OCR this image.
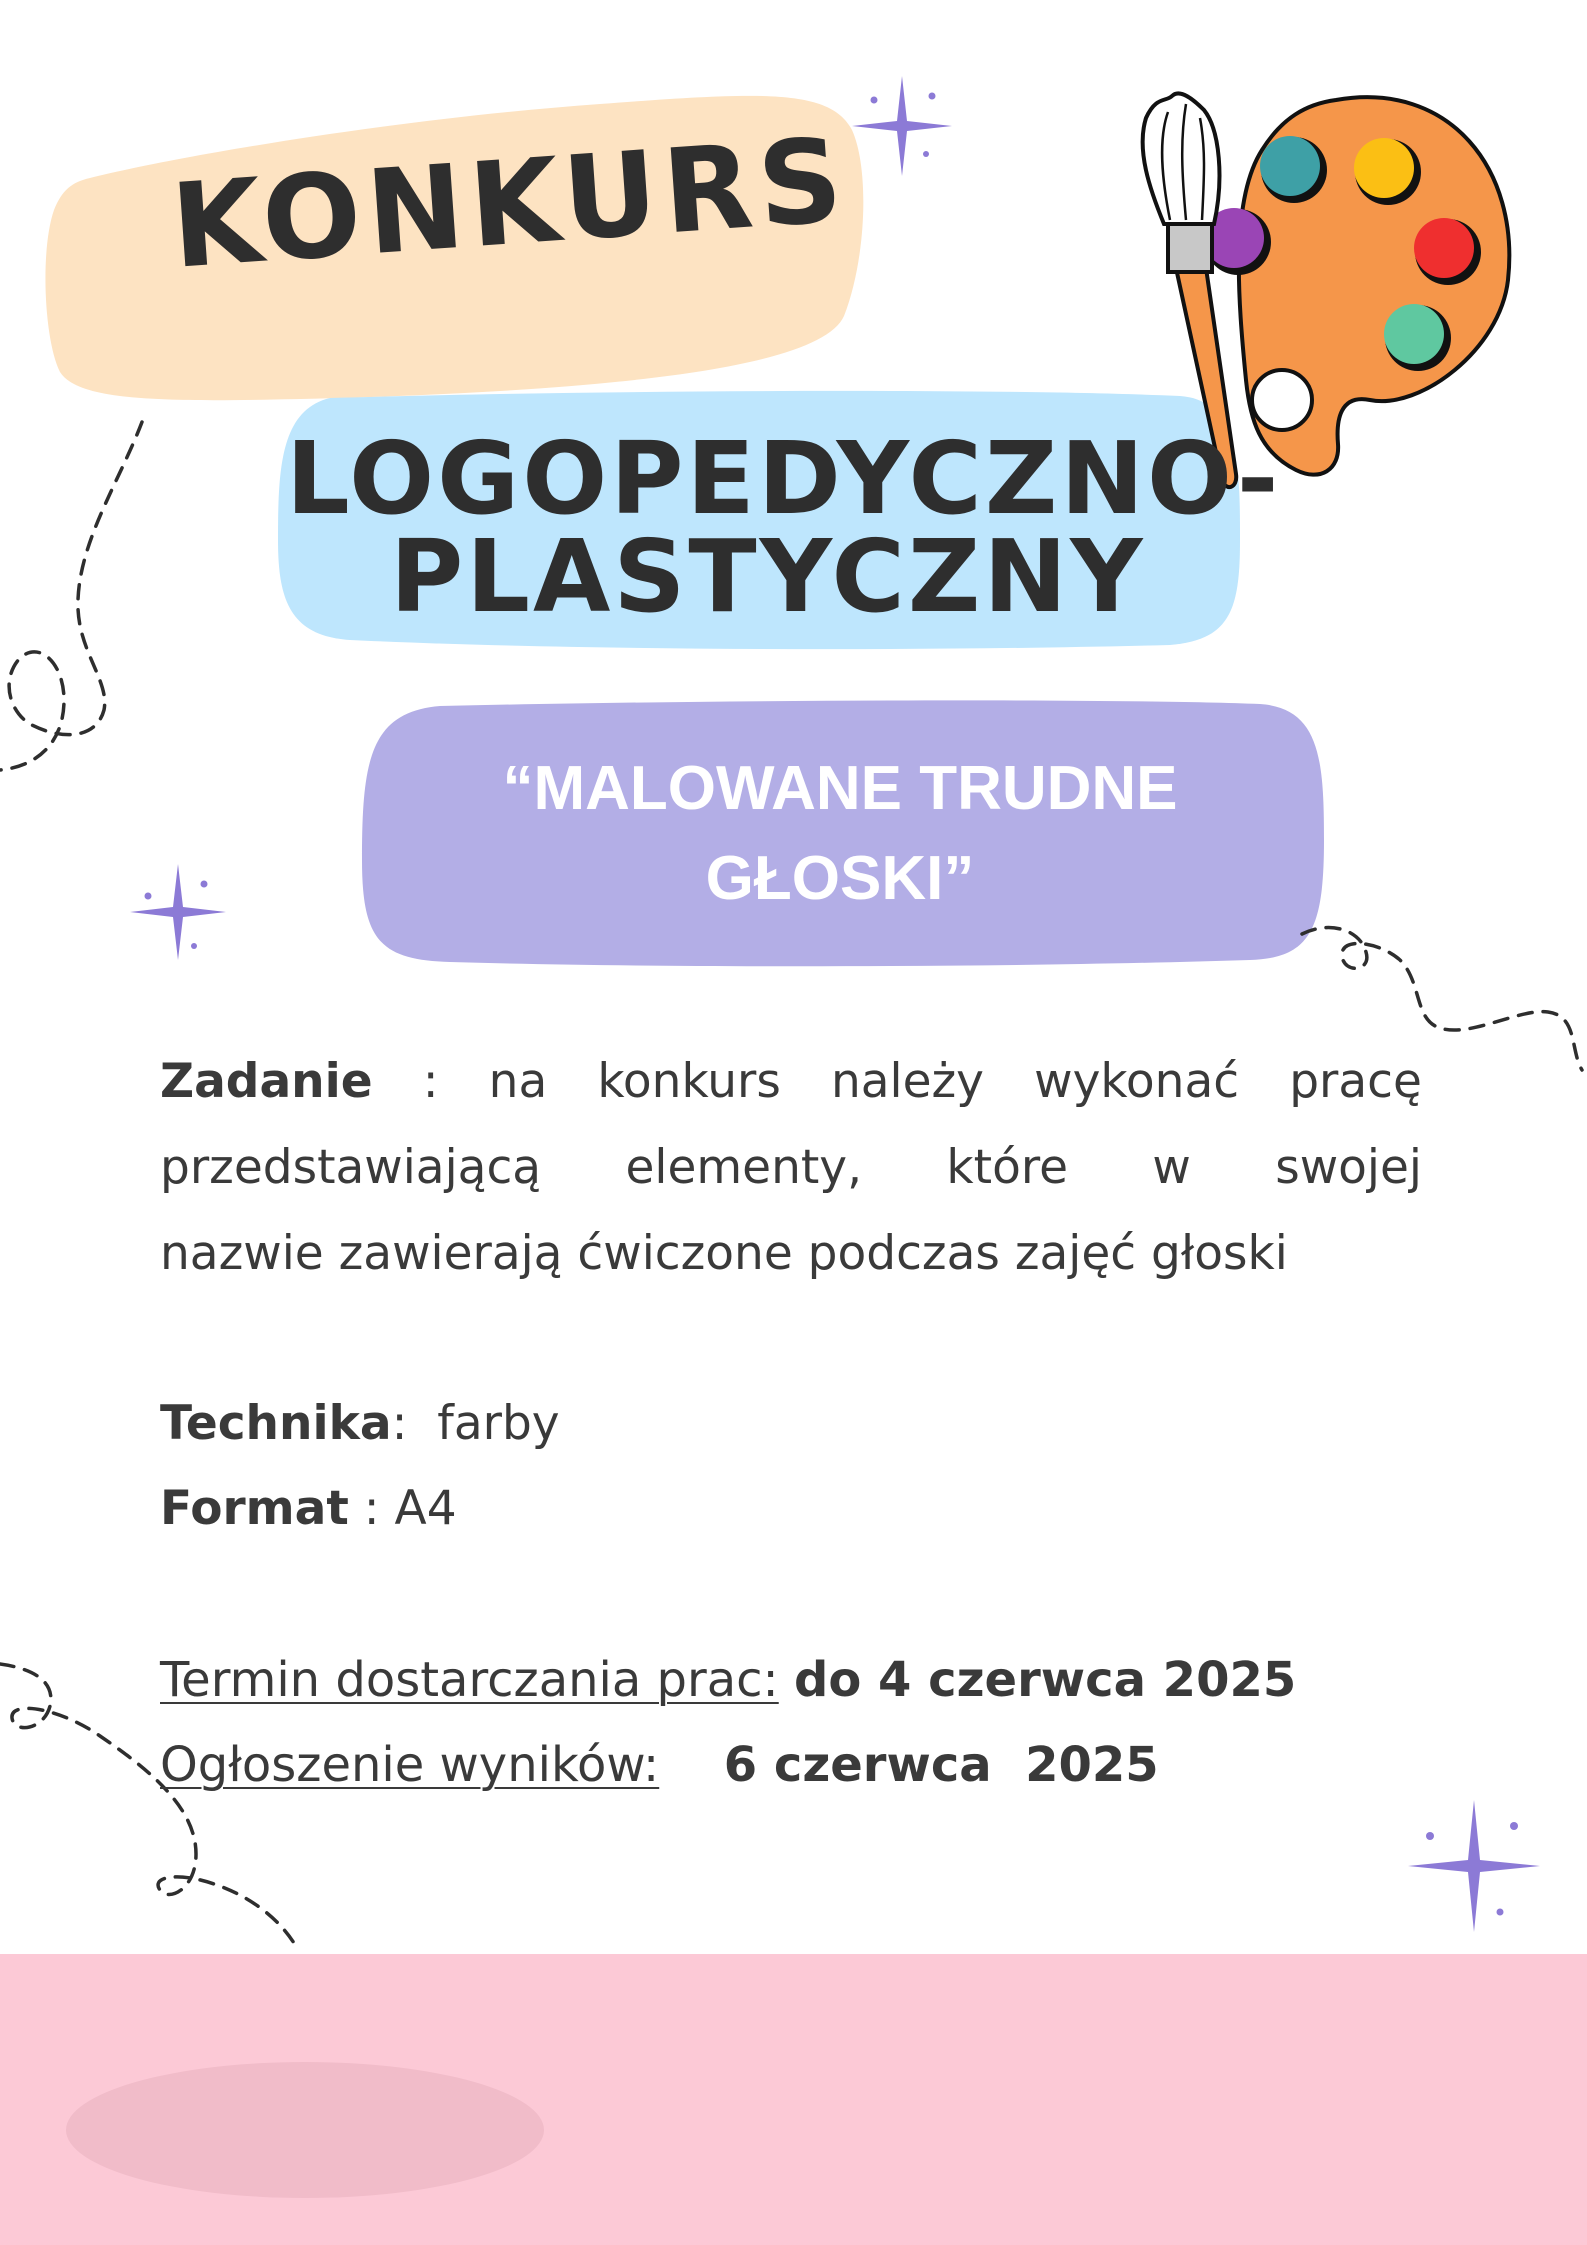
KONKURS
LOGOPEDYCZNO-
PLASTYCZNY
“MALOWANE TRUDNE
GŁOSKI”
Zadanie : na konkurs należy wykonać pracę
przedstawiającą elementy, które w swojej
nazwie zawierają ćwiczone podczas zajęć głoski
Technika:  farby
Format : A4
Termin dostarczania prac: do 4 czerwca 2025
Ogłoszenie wyników: 6 czerwca  2025
